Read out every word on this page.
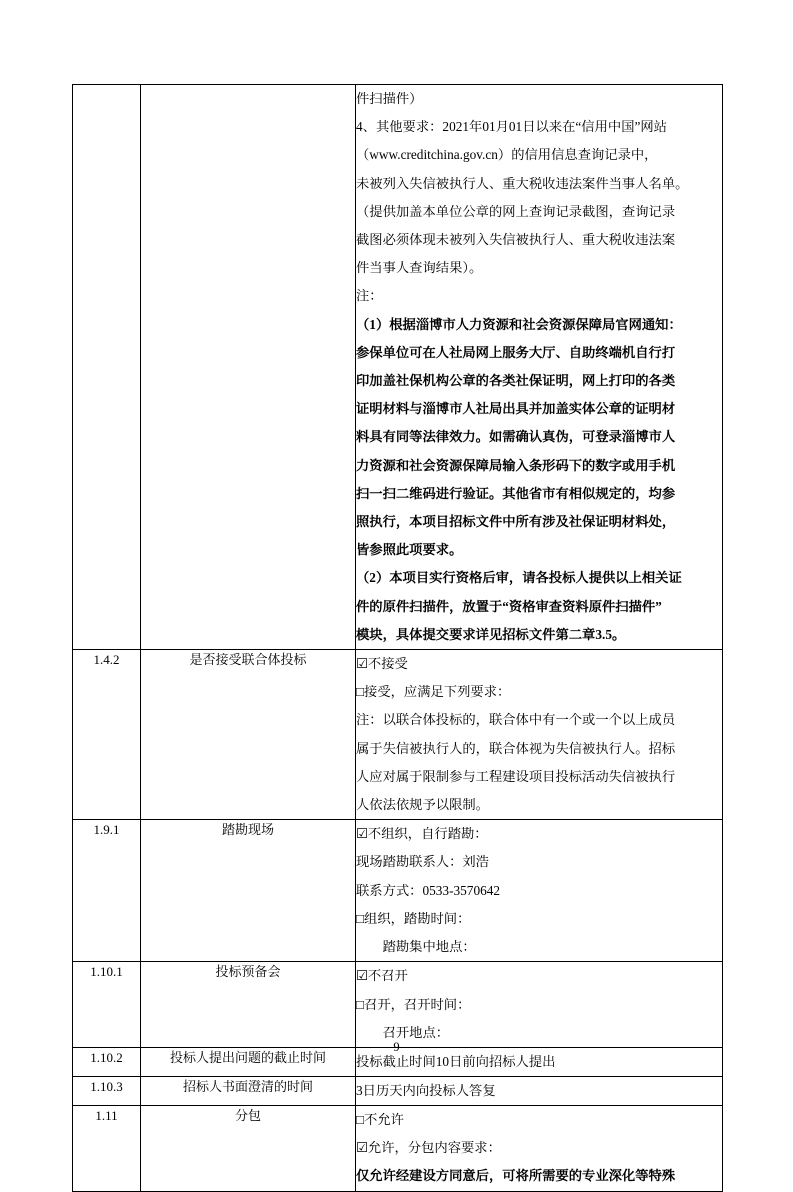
件扫描件）
4、其他要求：2021年01月01日以来在“信用中国”网站
（www.creditchina.gov.cn）的信用信息查询记录中，
未被列入失信被执行人、重大税收违法案件当事人名单。
（提供加盖本单位公章的网上查询记录截图，查询记录
截图必须体现未被列入失信被执行人、重大税收违法案
件当事人查询结果）。
注：
（1）根据淄博市人力资源和社会资源保障局官网通知：
参保单位可在人社局网上服务大厅、自助终端机自行打
印加盖社保机构公章的各类社保证明，网上打印的各类
证明材料与淄博市人社局出具并加盖实体公章的证明材
料具有同等法律效力。如需确认真伪，可登录淄博市人
力资源和社会资源保障局输入条形码下的数字或用手机
扫一扫二维码进行验证。其他省市有相似规定的，均参
照执行，本项目招标文件中所有涉及社保证明材料处，
皆参照此项要求。
（2）本项目实行资格后审，请各投标人提供以上相关证
件的原件扫描件，放置于“资格审查资料原件扫描件”
模块，具体提交要求详见招标文件第二章3.5。

1.4.2	是否接受联合体投标	☑不接受
□接受，应满足下列要求：
注：以联合体投标的，联合体中有一个或一个以上成员
属于失信被执行人的，联合体视为失信被执行人。招标
人应对属于限制参与工程建设项目投标活动失信被执行
人依法依规予以限制。

1.9.1	踏勘现场	☑不组织，自行踏勘：
现场踏勘联系人：刘浩
联系方式：0533-3570642
□组织，踏勘时间：
　　踏勘集中地点：

1.10.1	投标预备会	☑不召开
□召开，召开时间：
　　召开地点：

1.10.2	投标人提出问题的截止时间	投标截止时间10日前向招标人提出

1.10.3	招标人书面澄清的时间	3日历天内向投标人答复

1.11	分包	□不允许
☑允许，分包内容要求：
仅允许经建设方同意后，可将所需要的专业深化等特殊
9
